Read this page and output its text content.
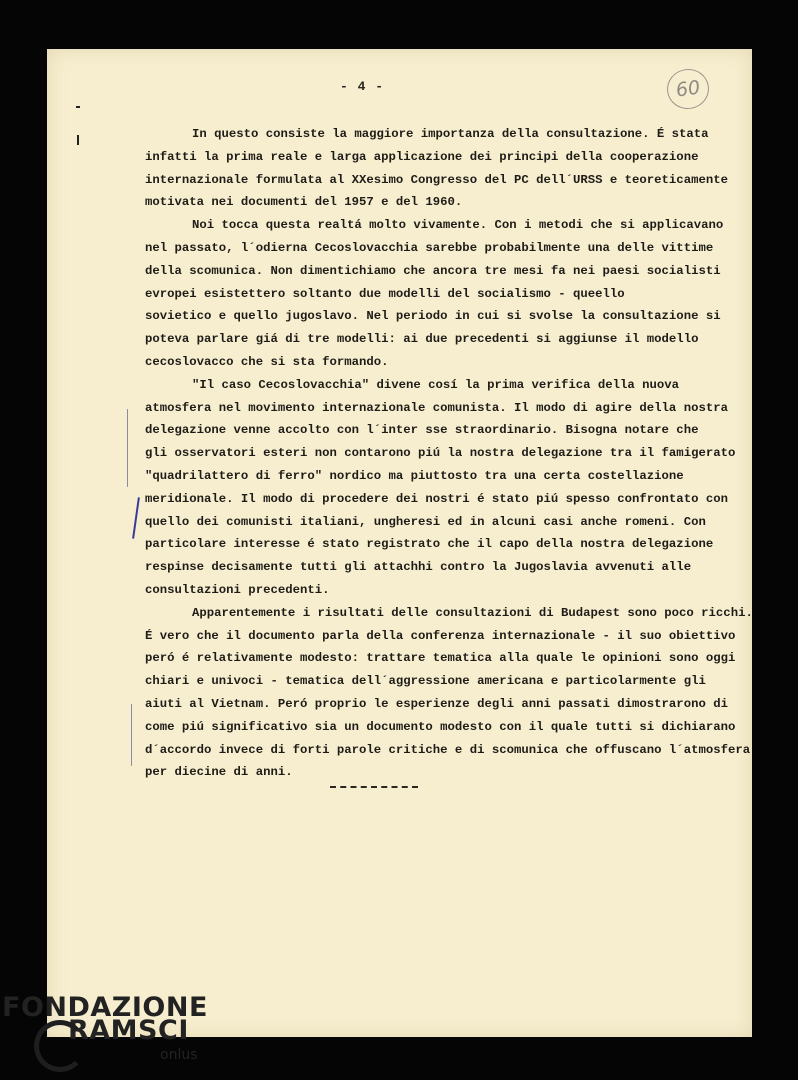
- 4 -	60
In questo consiste la maggiore importanza della consultazione. É stata
infatti la prima reale e larga applicazione dei principi della cooperazione
internazionale formulata al XXesimo Congresso del PC dell´URSS e teoreticamente
motivata nei documenti del 1957 e del 1960.
Noi tocca questa realtá molto vivamente. Con i metodi che si applicavano
nel passato, l´odierna Cecoslovacchia sarebbe probabilmente una delle vittime
della scomunica. Non dimentichiamo che ancora tre mesi fa nei paesi socialisti
evropei esistettero soltanto due modelli del socialismo - queello
sovietico e quello jugoslavo. Nel periodo in cui si svolse la consultazione si
poteva parlare giá di tre modelli: ai due precedenti si aggiunse il modello
cecoslovacco che si sta formando.
"Il caso Cecoslovacchia" divene cosí la prima verifica della nuova
atmosfera nel movimento internazionale comunista. Il modo di agire della nostra
delegazione venne accolto con l´inter sse straordinario. Bisogna notare che
gli osservatori esteri non contarono piú la nostra delegazione tra il famigerato
"quadrilattero di ferro" nordico ma piuttosto tra una certa costellazione
meridionale. Il modo di procedere dei nostri é stato piú spesso confrontato con
quello dei comunisti italiani, ungheresi ed in alcuni casi anche romeni. Con
particolare interesse é stato registrato che il capo della nostra delegazione
respinse decisamente tutti gli attachhi contro la Jugoslavia avvenuti alle
consultazioni precedenti.
Apparentemente i risultati delle consultazioni di Budapest sono poco ricchi.
É vero che il documento parla della conferenza internazionale - il suo obiettivo
peró é relativamente modesto: trattare tematica alla quale le opinioni sono oggi
chiari e univoci - tematica dell´aggressione americana e particolarmente gli
aiuti al Vietnam. Peró proprio le esperienze degli anni passati dimostrarono di
come piú significativo sia un documento modesto con il quale tutti si dichiarano
d´accordo invece di forti parole critiche e di scomunica che offuscano l´atmosfera
per diecine di anni.
FONDAZIONE
RAMSCI
onlus
